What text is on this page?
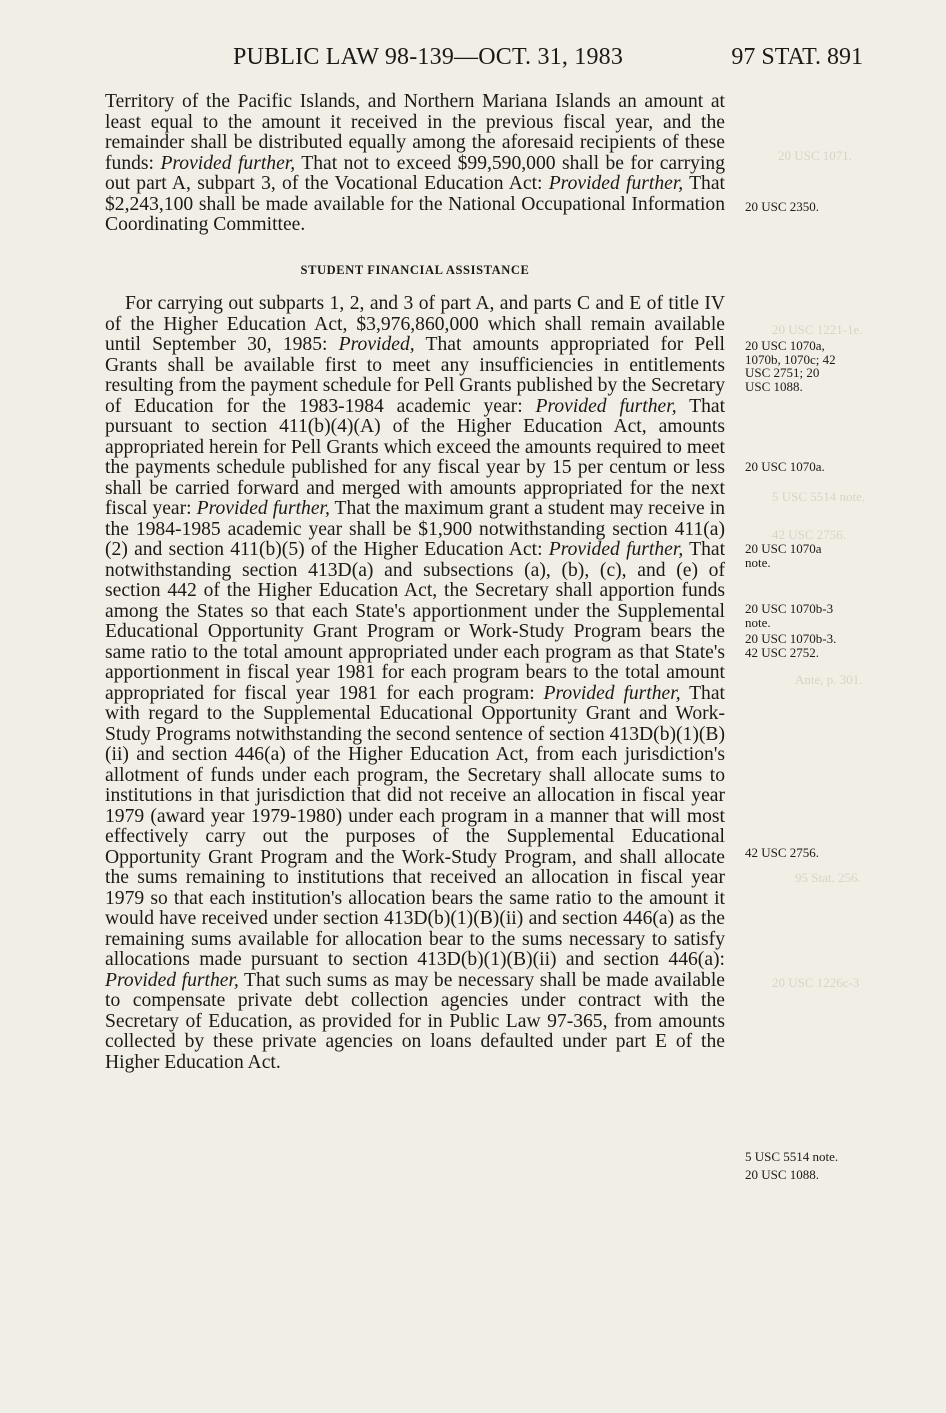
20 USC 1071.
20 USC 1221-1e.
5 USC 5514 note.
42 USC 2756.
Ante, p. 301.
95 Stat. 256.
20 USC 1226c-3
PUBLIC LAW 98-139—OCT. 31, 1983	97 STAT. 891

Territory of the Pacific Islands, and Northern Mariana Islands an amount at least equal to the amount it received in the previous fiscal year, and the remainder shall be distributed equally among the aforesaid recipients of these funds: Provided further, That not to exceed $99,590,000 shall be for carrying out part A, subpart 3, of the Vocational Education Act: Provided further, That $2,243,100 shall be made available for the National Occupational Information Coordinating Committee.

STUDENT FINANCIAL ASSISTANCE

For carrying out subparts 1, 2, and 3 of part A, and parts C and E of title IV of the Higher Education Act, $3,976,860,000 which shall remain available until September 30, 1985: Provided, That amounts appropriated for Pell Grants shall be available first to meet any insufficiencies in entitlements resulting from the payment schedule for Pell Grants published by the Secretary of Education for the 1983-1984 academic year: Provided further, That pursuant to section 411(b)(4)(A) of the Higher Education Act, amounts appropriated herein for Pell Grants which exceed the amounts required to meet the payments schedule published for any fiscal year by 15 per centum or less shall be carried forward and merged with amounts appropriated for the next fiscal year: Provided further, That the maximum grant a student may receive in the 1984-1985 academic year shall be $1,900 notwithstanding section 411(a)(2) and section 411(b)(5) of the Higher Education Act: Provided further, That notwithstanding section 413D(a) and subsections (a), (b), (c), and (e) of section 442 of the Higher Education Act, the Secretary shall apportion funds among the States so that each State's apportionment under the Supplemental Educational Opportunity Grant Program or Work-Study Program bears the same ratio to the total amount appropriated under each program as that State's apportionment in fiscal year 1981 for each program bears to the total amount appropriated for fiscal year 1981 for each program: Provided further, That with regard to the Supplemental Educational Opportunity Grant and Work-Study Programs notwithstanding the second sentence of section 413D(b)(1)(B)(ii) and section 446(a) of the Higher Education Act, from each jurisdiction's allotment of funds under each program, the Secretary shall allocate sums to institutions in that jurisdiction that did not receive an allocation in fiscal year 1979 (award year 1979-1980) under each program in a manner that will most effectively carry out the purposes of the Supplemental Educational Opportunity Grant Program and the Work-Study Program, and shall allocate the sums remaining to institutions that received an allocation in fiscal year 1979 so that each institution's allocation bears the same ratio to the amount it would have received under section 413D(b)(1)(B)(ii) and section 446(a) as the remaining sums available for allocation bear to the sums necessary to satisfy allocations made pursuant to section 413D(b)(1)(B)(ii) and section 446(a): Provided further, That such sums as may be necessary shall be made available to compensate private debt collection agencies under contract with the Secretary of Education, as provided for in Public Law 97-365, from amounts collected by these private agencies on loans defaulted under part E of the Higher Education Act.

20 USC 2350.
20 USC 1070a, 1070b, 1070c; 42 USC 2751; 20 USC 1088.
20 USC 1070a.
20 USC 1070a note.
20 USC 1070b-3 note.
20 USC 1070b-3.
42 USC 2752.
42 USC 2756.
5 USC 5514 note.
20 USC 1088.
